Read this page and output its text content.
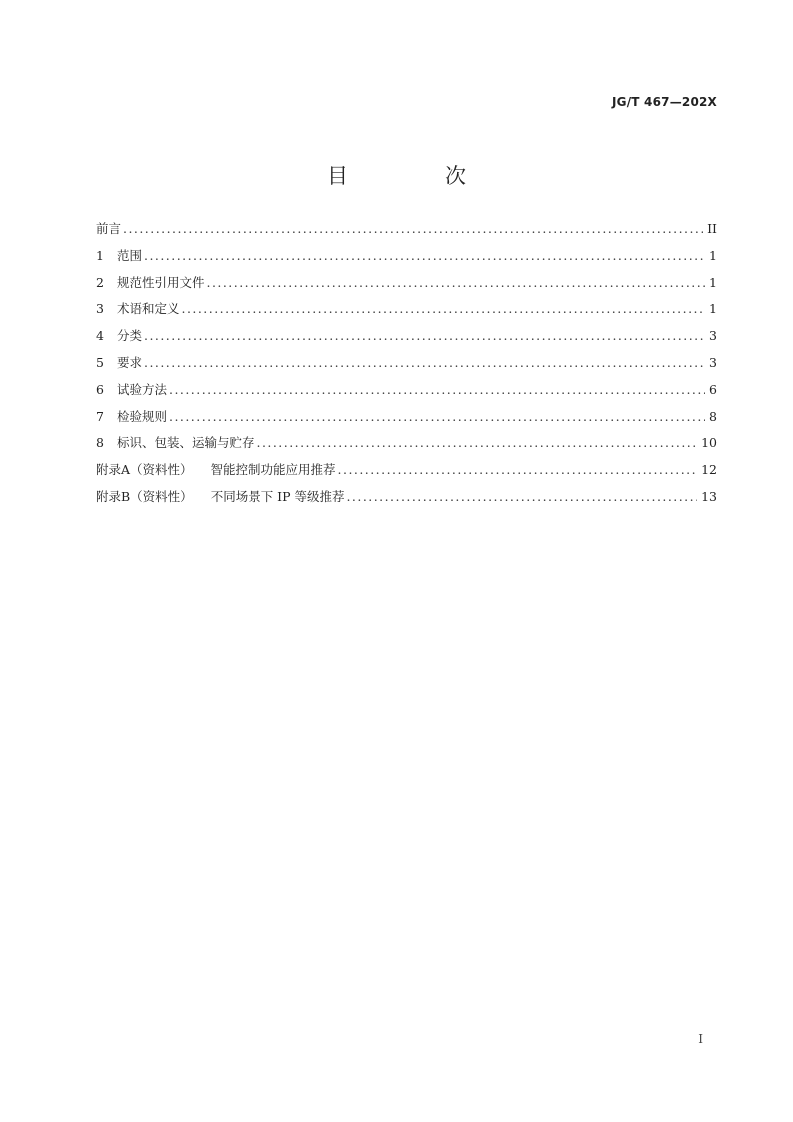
JG/T 467—202X
目　次
前言 . . .	II
1	范围 . . .	1
2	规范性引用文件 . . .	1
3	术语和定义 . . .	1
4	分类 . . .	3
5	要求 . . .	3
6	试验方法 . . .	6
7	检验规则 . . .	8
8	标识、包装、运输与贮存 . . .	10
附录A（资料性） 智能控制功能应用推荐 . . .	12
附录B（资料性） 不同场景下 IP 等级推荐 . . .	13
I
